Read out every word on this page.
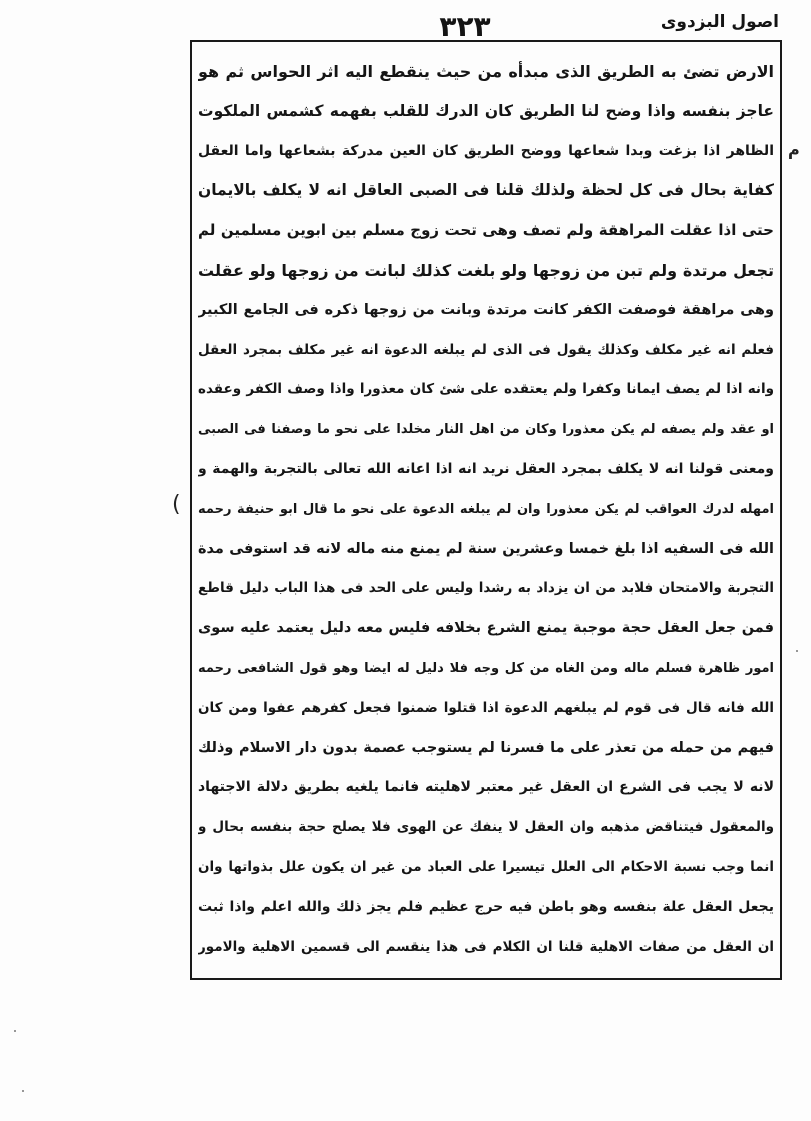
اصول البزدوی
۳۲۳
م
(
الارض تضئ به الطريق الذى مبدأه من حيث ينقطع اليه اثر الحواس ثم هو
عاجز بنفسه واذا وضح لنا الطريق كان الدرك للقلب بفهمه كشمس الملكوت
الظاهر اذا بزغت وبدا شعاعها ووضح الطريق كان العين مدركة بشعاعها واما العقل
كفاية بحال فى كل لحظة ولذلك قلنا فى الصبى العاقل انه لا يكلف بالايمان
حتى اذا عقلت المراهقة ولم تصف وهى تحت زوج مسلم بين ابوين مسلمين لم
تجعل مرتدة ولم تبن من زوجها ولو بلغت كذلك لبانت من زوجها ولو عقلت
وهى مراهقة فوصفت الكفر كانت مرتدة وبانت من زوجها ذكره فى الجامع الكبير
فعلم انه غير مكلف وكذلك يقول فى الذى لم يبلغه الدعوة انه غير مكلف بمجرد العقل
وانه اذا لم يصف ايمانا وكفرا ولم يعتقده على شئ كان معذورا واذا وصف الكفر وعقده
او عقد ولم يصفه لم يكن معذورا وكان من اهل النار مخلدا على نحو ما وصفنا فى الصبى
ومعنى قولنا انه لا يكلف بمجرد العقل نريد انه اذا اعانه الله تعالى بالتجربة والهمة و
امهله لدرك العواقب لم يكن معذورا وان لم يبلغه الدعوة على نحو ما قال ابو حنيفة رحمه
الله فى السفيه اذا بلغ خمسا وعشرين سنة لم يمنع منه ماله لانه قد استوفى مدة
التجربة والامتحان فلابد من ان يزداد به رشدا وليس على الحد فى هذا الباب دليل قاطع
فمن جعل العقل حجة موجبة يمنع الشرع بخلافه فليس معه دليل يعتمد عليه سوى
امور ظاهرة فسلم ماله ومن الغاه من كل وجه فلا دليل له ايضا وهو قول الشافعى رحمه
الله فانه قال فى قوم لم يبلغهم الدعوة اذا قتلوا ضمنوا فجعل كفرهم عفوا ومن كان
فيهم من حمله من تعذر على ما فسرنا لم يستوجب عصمة بدون دار الاسلام وذلك
لانه لا يجب فى الشرع ان العقل غير معتبر لاهليته فانما يلغيه بطريق دلالة الاجتهاد
والمعقول فيتناقض مذهبه وان العقل لا ينفك عن الهوى فلا يصلح حجة بنفسه بحال و
انما وجب نسبة الاحكام الى العلل تيسيرا على العباد من غير ان يكون علل بذواتها وان
يجعل العقل علة بنفسه وهو باطن فيه حرج عظيم فلم يجز ذلك والله اعلم واذا ثبت
ان العقل من صفات الاهلية قلنا ان الكلام فى هذا ينقسم الى قسمين الاهلية والامور
